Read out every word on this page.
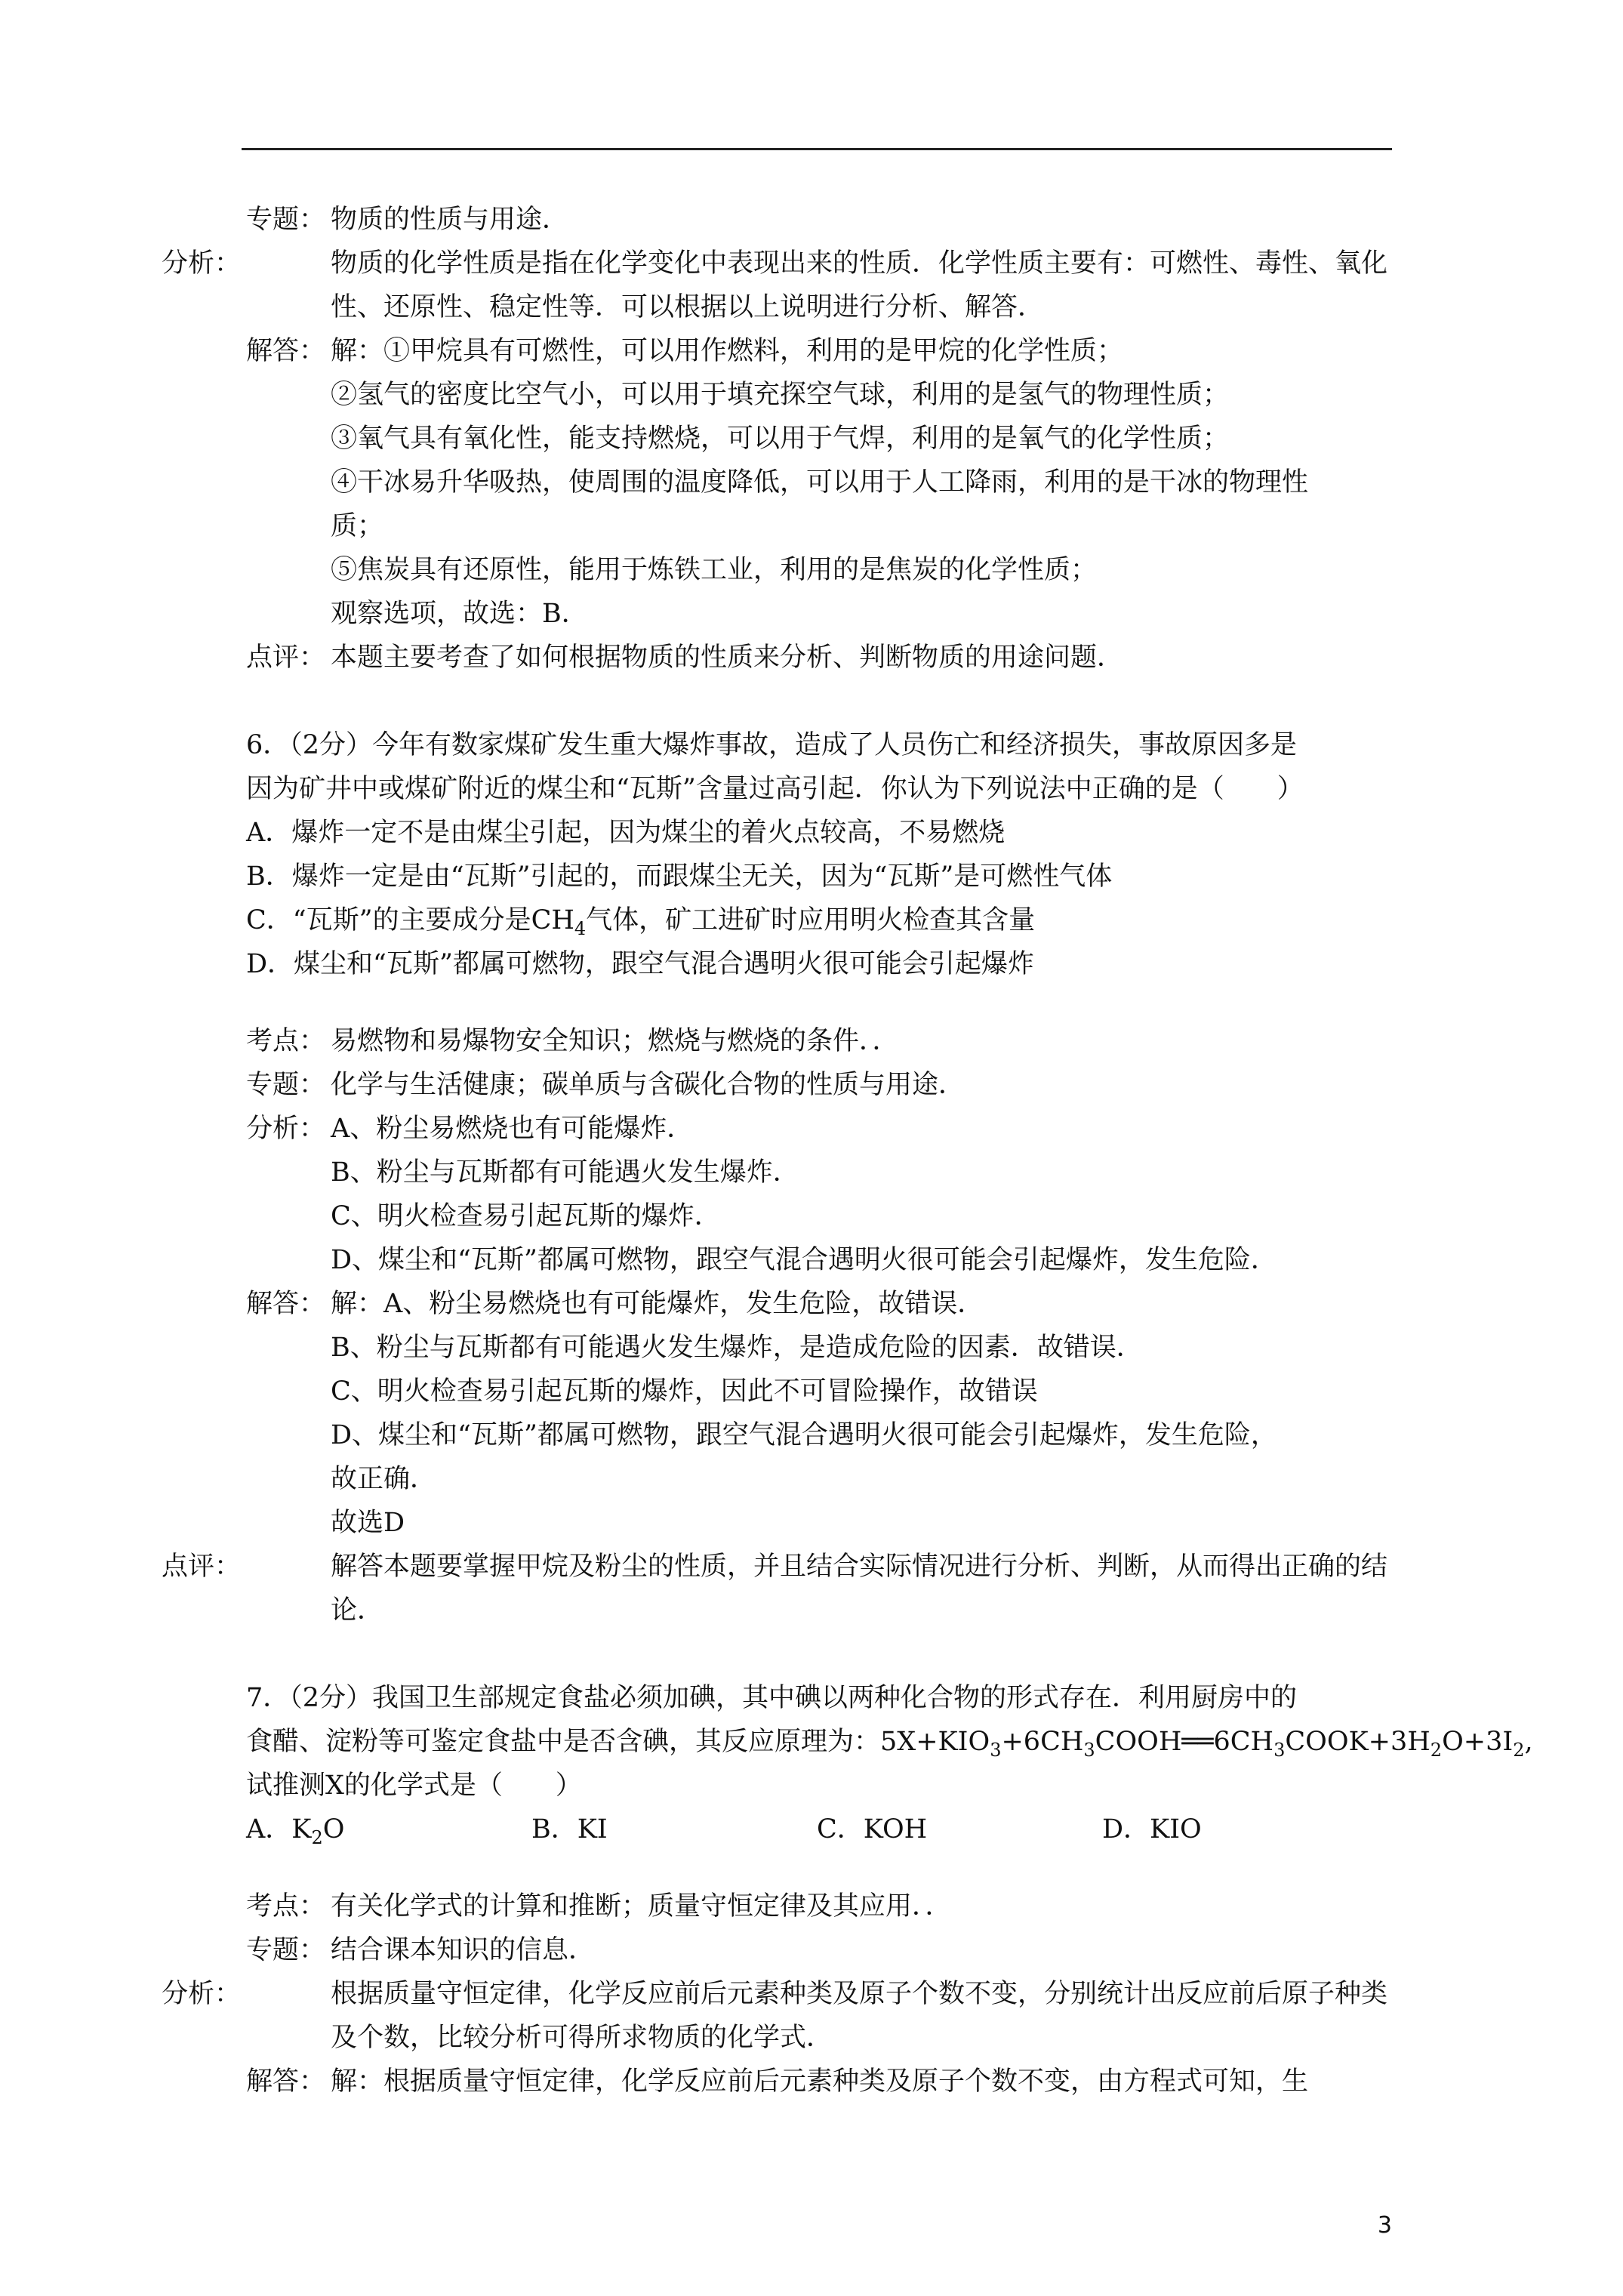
专题： 物质的性质与用途．
分析：	物质的化学性质是指在化学变化中表现出来的性质．化学性质主要有：可燃性、毒性、氧化性、还原性、稳定性等．可以根据以上说明进行分析、解答．
解答： 解：①甲烷具有可燃性，可以用作燃料，利用的是甲烷的化学性质；
②氢气的密度比空气小，可以用于填充探空气球，利用的是氢气的物理性质；
③氧气具有氧化性，能支持燃烧，可以用于气焊，利用的是氧气的化学性质；
④干冰易升华吸热，使周围的温度降低，可以用于人工降雨，利用的是干冰的物理性
质；
⑤焦炭具有还原性，能用于炼铁工业，利用的是焦炭的化学性质；
观察选项，故选：B．
点评： 本题主要考查了如何根据物质的性质来分析、判断物质的用途问题．
6．（2分）今年有数家煤矿发生重大爆炸事故，造成了人员伤亡和经济损失，事故原因多是
因为矿井中或煤矿附近的煤尘和“瓦斯”含量过高引起．你认为下列说法中正确的是（　　）
A．爆炸一定不是由煤尘引起，因为煤尘的着火点较高，不易燃烧
B．爆炸一定是由“瓦斯”引起的，而跟煤尘无关，因为“瓦斯”是可燃性气体
C．“瓦斯”的主要成分是$CH_4$气体，矿工进矿时应用明火检查其含量
D．煤尘和“瓦斯”都属可燃物，跟空气混合遇明火很可能会引起爆炸
考点： 易燃物和易爆物安全知识；燃烧与燃烧的条件．．
专题： 化学与生活健康；碳单质与含碳化合物的性质与用途．
分析： A、粉尘易燃烧也有可能爆炸．
B、粉尘与瓦斯都有可能遇火发生爆炸．
C、明火检查易引起瓦斯的爆炸．
D、煤尘和“瓦斯”都属可燃物，跟空气混合遇明火很可能会引起爆炸，发生危险．
解答： 解：A、粉尘易燃烧也有可能爆炸，发生危险，故错误．
B、粉尘与瓦斯都有可能遇火发生爆炸，是造成危险的因素．故错误．
C、明火检查易引起瓦斯的爆炸，因此不可冒险操作，故错误
D、煤尘和“瓦斯”都属可燃物，跟空气混合遇明火很可能会引起爆炸，发生危险，
故正确．
故选D
点评：	解答本题要掌握甲烷及粉尘的性质，并且结合实际情况进行分析、判断，从而得出正确的结论．
7．（2分）我国卫生部规定食盐必须加碘，其中碘以两种化合物的形式存在．利用厨房中的
食醋、淀粉等可鉴定食盐中是否含碘，其反应原理为：$5X+KIO_3+6CH_3COOH══6CH_3COOK+3H_2O+3I_2$,
试推测X的化学式是（　　）
A．$K_2O$	B．KI	C．KOH	D．KIO
考点： 有关化学式的计算和推断；质量守恒定律及其应用．．
专题： 结合课本知识的信息．
分析：	根据质量守恒定律，化学反应前后元素种类及原子个数不变，分别统计出反应前后原子种类及个数，比较分析可得所求物质的化学式．
解答： 解：根据质量守恒定律，化学反应前后元素种类及原子个数不变，由方程式可知，生
3
